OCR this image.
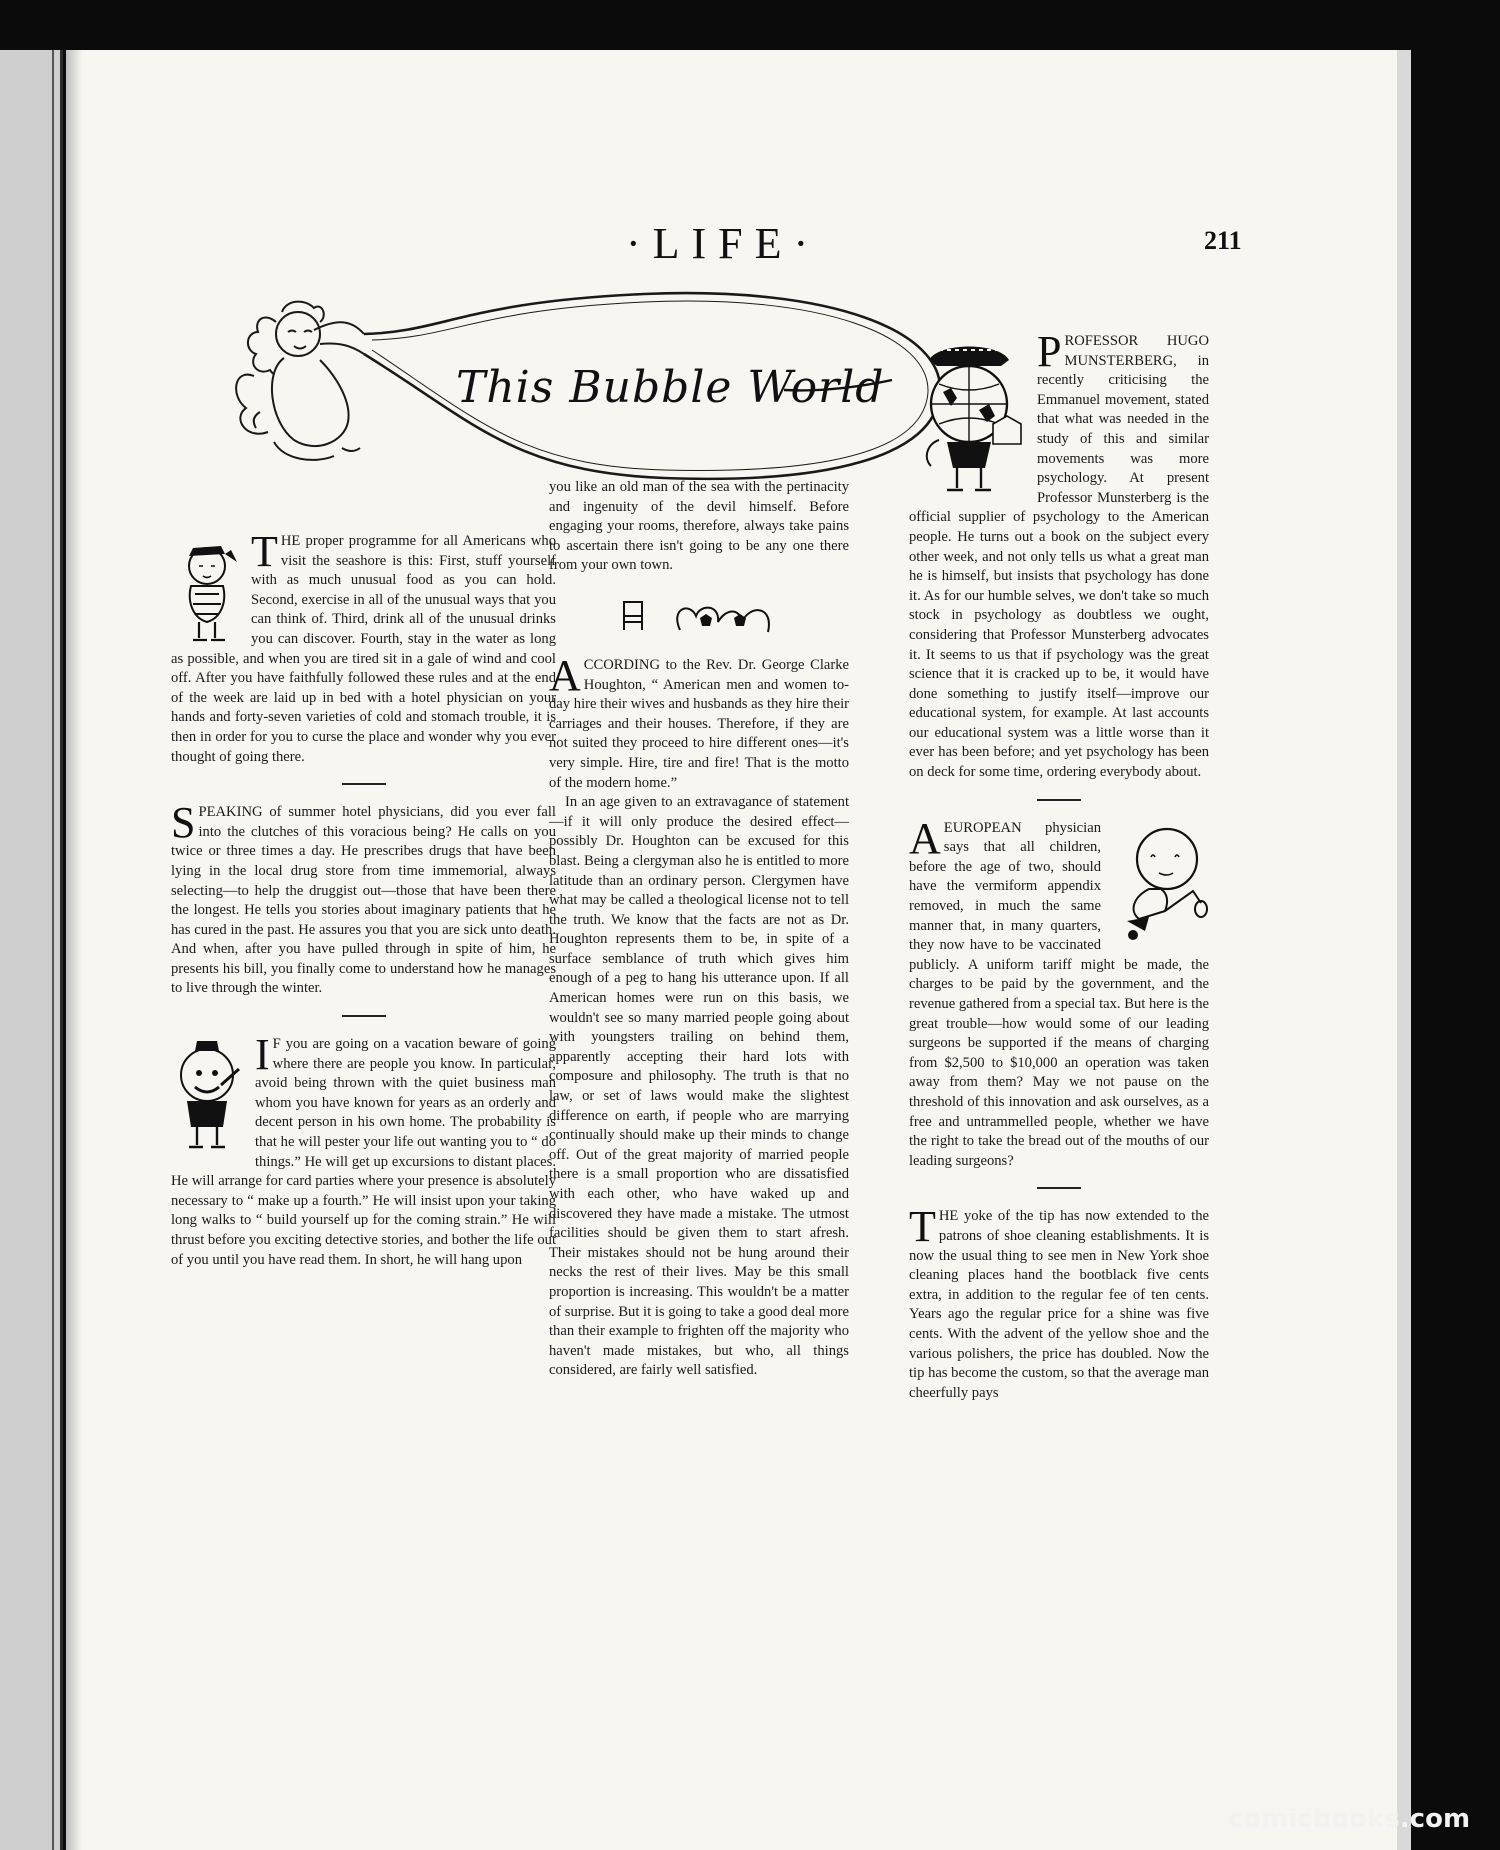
·LIFE·	211
This Bubble World

THE proper programme for all Americans who visit the seashore is this: First, stuff yourself with as much unusual food as you can hold. Second, exercise in all of the unusual ways that you can think of. Third, drink all of the unusual drinks you can discover. Fourth, stay in the water as long as possible, and when you are tired sit in a gale of wind and cool off. After you have faithfully followed these rules and at the end of the week are laid up in bed with a hotel physician on your hands and forty-seven varieties of cold and stomach trouble, it is then in order for you to curse the place and wonder why you ever thought of going there.

SPEAKING of summer hotel physicians, did you ever fall into the clutches of this voracious being? He calls on you twice or three times a day. He prescribes drugs that have been lying in the local drug store from time immemorial, always selecting—to help the druggist out—those that have been there the longest. He tells you stories about imaginary patients that he has cured in the past. He assures you that you are sick unto death. And when, after you have pulled through in spite of him, he presents his bill, you finally come to understand how he manages to live through the winter.

I F you are going on a vacation beware of going where there are people you know. In particular, avoid being thrown with the quiet business man whom you have known for years as an orderly and decent person in his own home. The probability is that he will pester your life out wanting you to “ do things.” He will get up excursions to distant places. He will arrange for card parties where your presence is absolutely necessary to “ make up a fourth.” He will insist upon your taking long walks to “ build yourself up for the coming strain.” He will thrust before you exciting detective stories, and bother the life out of you until you have read them. In short, he will hang upon

you like an old man of the sea with the pertinacity and ingenuity of the devil himself. Before engaging your rooms, therefore, always take pains to ascertain there isn't going to be any one there from your own town.

ACCORDING to the Rev. Dr. George Clarke Houghton, “ American men and women to-day hire their wives and husbands as they hire their carriages and their houses. Therefore, if they are not suited they proceed to hire different ones—it's very simple. Hire, tire and fire! That is the motto of the modern home.”

In an age given to an extravagance of statement—if it will only produce the desired effect—possibly Dr. Houghton can be excused for this blast. Being a clergyman also he is entitled to more latitude than an ordinary person. Clergymen have what may be called a theological license not to tell the truth. We know that the facts are not as Dr. Houghton represents them to be, in spite of a surface semblance of truth which gives him enough of a peg to hang his utterance upon. If all American homes were run on this basis, we wouldn't see so many married people going about with youngsters trailing on behind them, apparently accepting their hard lots with composure and philosophy. The truth is that no law, or set of laws would make the slightest difference on earth, if people who are marrying continually should make up their minds to change off. Out of the great majority of married people there is a small proportion who are dissatisfied with each other, who have waked up and discovered they have made a mistake. The utmost facilities should be given them to start afresh. Their mistakes should not be hung around their necks the rest of their lives. May be this small proportion is increasing. This wouldn't be a matter of surprise. But it is going to take a good deal more than their example to frighten off the majority who haven't made mistakes, but who, all things considered, are fairly well satisfied.

PROFESSOR HUGO MUNSTERBERG, in recently criticising the Emmanuel movement, stated that what was needed in the study of this and similar movements was more psychology. At present Professor Munsterberg is the official supplier of psychology to the American people. He turns out a book on the subject every other week, and not only tells us what a great man he is himself, but insists that psychology has done it. As for our humble selves, we don't take so much stock in psychology as doubtless we ought, considering that Professor Munsterberg advocates it. It seems to us that if psychology was the great science that it is cracked up to be, it would have done something to justify itself—improve our educational system, for example. At last accounts our educational system was a little worse than it ever has been before; and yet psychology has been on deck for some time, ordering everybody about.

AEUROPEAN physician says that all children, before the age of two, should have the vermiform appendix removed, in much the same manner that, in many quarters, they now have to be vaccinated publicly. A uniform tariff might be made, the charges to be paid by the government, and the revenue gathered from a special tax. But here is the great trouble—how would some of our leading surgeons be supported if the means of charging from $2,500 to $10,000 an operation was taken away from them? May we not pause on the threshold of this innovation and ask ourselves, as a free and untrammelled people, whether we have the right to take the bread out of the mouths of our leading surgeons?

THE yoke of the tip has now extended to the patrons of shoe cleaning establishments. It is now the usual thing to see men in New York shoe cleaning places hand the bootblack five cents extra, in addition to the regular fee of ten cents. Years ago the regular price for a shine was five cents. With the advent of the yellow shoe and the various polishers, the price has doubled. Now the tip has become the custom, so that the average man cheerfully pays

comicbooks.com
